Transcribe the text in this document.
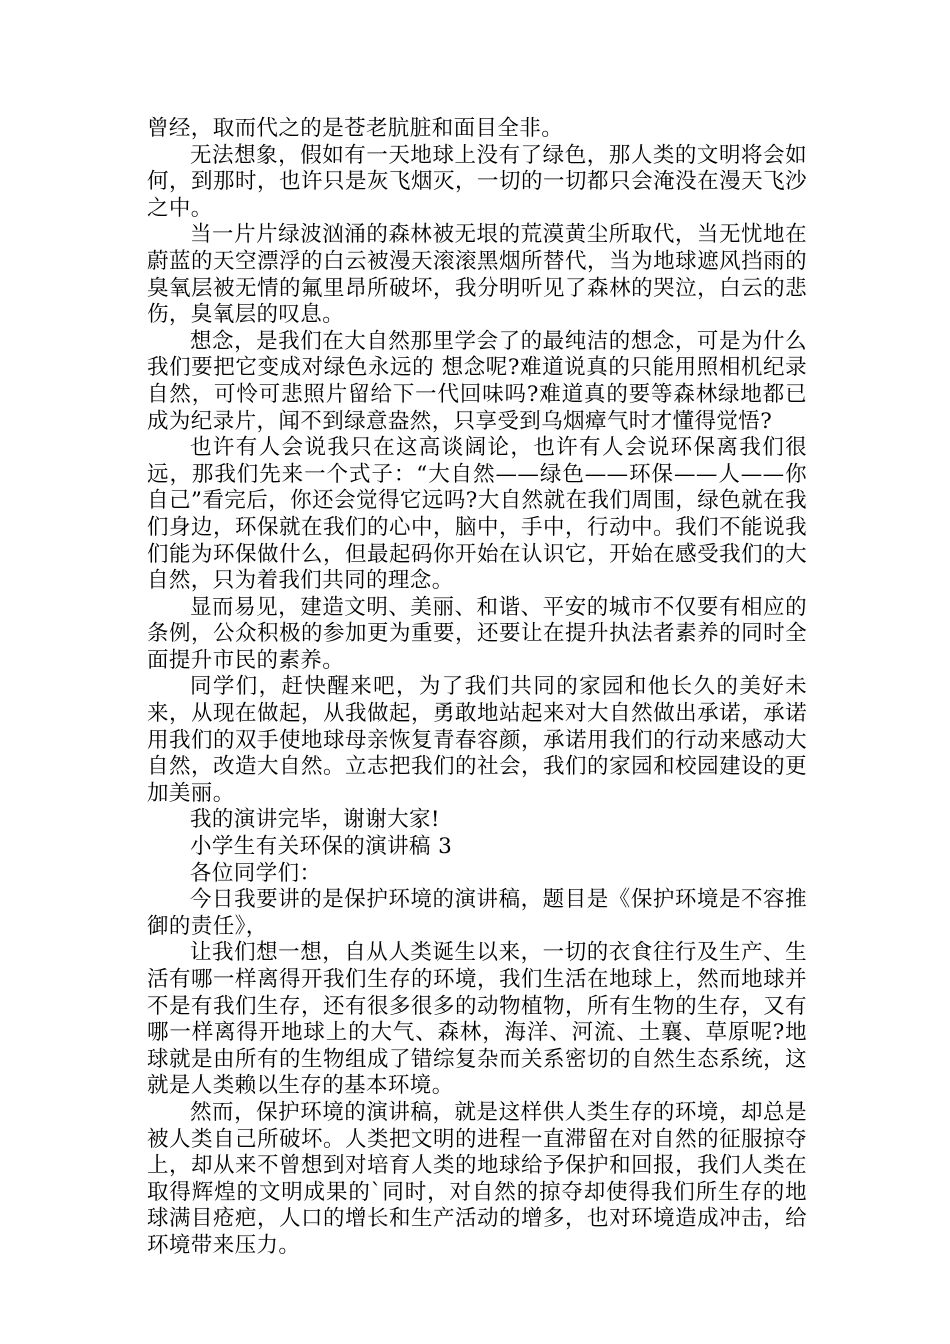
曾经，取而代之的是苍老肮脏和面目全非。

无法想象，假如有一天地球上没有了绿色，那人类的文明将会如何，到那时，也许只是灰飞烟灭，一切的一切都只会淹没在漫天飞沙之中。

当一片片绿波汹涌的森林被无垠的荒漠黄尘所取代，当无忧地在蔚蓝的天空漂浮的白云被漫天滚滚黑烟所替代，当为地球遮风挡雨的臭氧层被无情的氟里昂所破坏，我分明听见了森林的哭泣，白云的悲伤，臭氧层的叹息。

想念，是我们在大自然那里学会了的最纯洁的想念，可是为什么我们要把它变成对绿色永远的 想念呢?难道说真的只能用照相机纪录自然，可怜可悲照片留给下一代回味吗?难道真的要等森林绿地都已成为纪录片，闻不到绿意盎然，只享受到乌烟瘴气时才懂得觉悟?

也许有人会说我只在这高谈阔论，也许有人会说环保离我们很远，那我们先来一个式子：“大自然——绿色——环保——人——你自己”看完后，你还会觉得它远吗?大自然就在我们周围，绿色就在我们身边，环保就在我们的心中，脑中，手中，行动中。我们不能说我们能为环保做什么，但最起码你开始在认识它，开始在感受我们的大自然，只为着我们共同的理念。

显而易见，建造文明、美丽、和谐、平安的城市不仅要有相应的条例，公众积极的参加更为重要，还要让在提升执法者素养的同时全面提升市民的素养。

同学们，赶快醒来吧，为了我们共同的家园和他长久的美好未来，从现在做起，从我做起，勇敢地站起来对大自然做出承诺，承诺用我们的双手使地球母亲恢复青春容颜，承诺用我们的行动来感动大自然，改造大自然。立志把我们的社会，我们的家园和校园建设的更加美丽。

我的演讲完毕，谢谢大家!

小学生有关环保的演讲稿 3

各位同学们：

今日我要讲的是保护环境的演讲稿，题目是《保护环境是不容推御的责任》，

让我们想一想，自从人类诞生以来，一切的衣食往行及生产、生活有哪一样离得开我们生存的环境，我们生活在地球上，然而地球并不是有我们生存，还有很多很多的动物植物，所有生物的生存，又有哪一样离得开地球上的大气、森林，海洋、河流、土襄、草原呢?地球就是由所有的生物组成了错综复杂而关系密切的自然生态系统，这就是人类赖以生存的基本环境。

然而，保护环境的演讲稿，就是这样供人类生存的环境，却总是被人类自己所破坏。人类把文明的进程一直滞留在对自然的征服掠夺上，却从来不曾想到对培育人类的地球给予保护和回报，我们人类在取得辉煌的文明成果的`同时，对自然的掠夺却使得我们所生存的地球满目疮疤，人口的增长和生产活动的增多，也对环境造成冲击，给环境带来压力。
